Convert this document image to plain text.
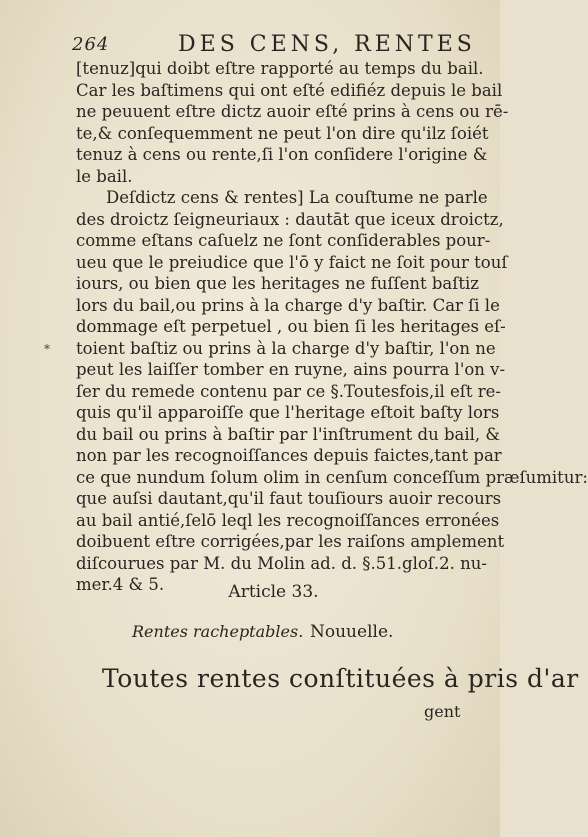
264	DES CENS, RENTES
*
[tenuz]qui doibt eſtre rapporté au temps du bail.
Car les baſtimens qui ont eſté edifiéz depuis le bail
ne peuuent eſtre dictz auoir eſté prins à cens ou rē-
te,& conſequemment ne peut l'on dire qu'ilz ſoiét
tenuz à cens ou rente,ſi l'on conſidere l'origine &
le bail.
Deſdictz cens & rentes] La couſtume ne parle
des droictz ſeigneuriaux : dautāt que iceux droictz,
comme eſtans caſuelz ne ſont conſiderables pour-
ueu que le preiudice que l'ō y faict ne ſoit pour touſ
iours, ou bien que les heritages ne fuſſent baſtiz
lors du bail,ou prins à la charge d'y baſtir. Car ſi le
dommage eſt perpetuel , ou bien ſi les heritages eſ-
toient baſtiz ou prins à la charge d'y baſtir, l'on ne
peut les laiſſer tomber en ruyne, ains pourra l'on v-
ſer du remede contenu par ce §.Toutesfois,il eſt re-
quis qu'il apparoiſſe que l'heritage eſtoit baſty lors
du bail ou prins à baſtir par l'inſtrument du bail, &
non par les recognoiſſances depuis faictes,tant par
ce que nundum ſolum olim in cenſum conceſſum præſumitur:
que auſsi dautant,qu'il faut touſiours auoir recours
au bail antié,ſelō leql les recognoiſſances erronées
doibuent eſtre corrigées,par les raiſons amplement
diſcourues par M. du Molin ad. d. §.51.gloſ.2. nu-
mer.4 & 5.	Article 33.
Rentes racheptables. Nouuelle.
Toutes rentes conſtituées à pris d'ar
gent
